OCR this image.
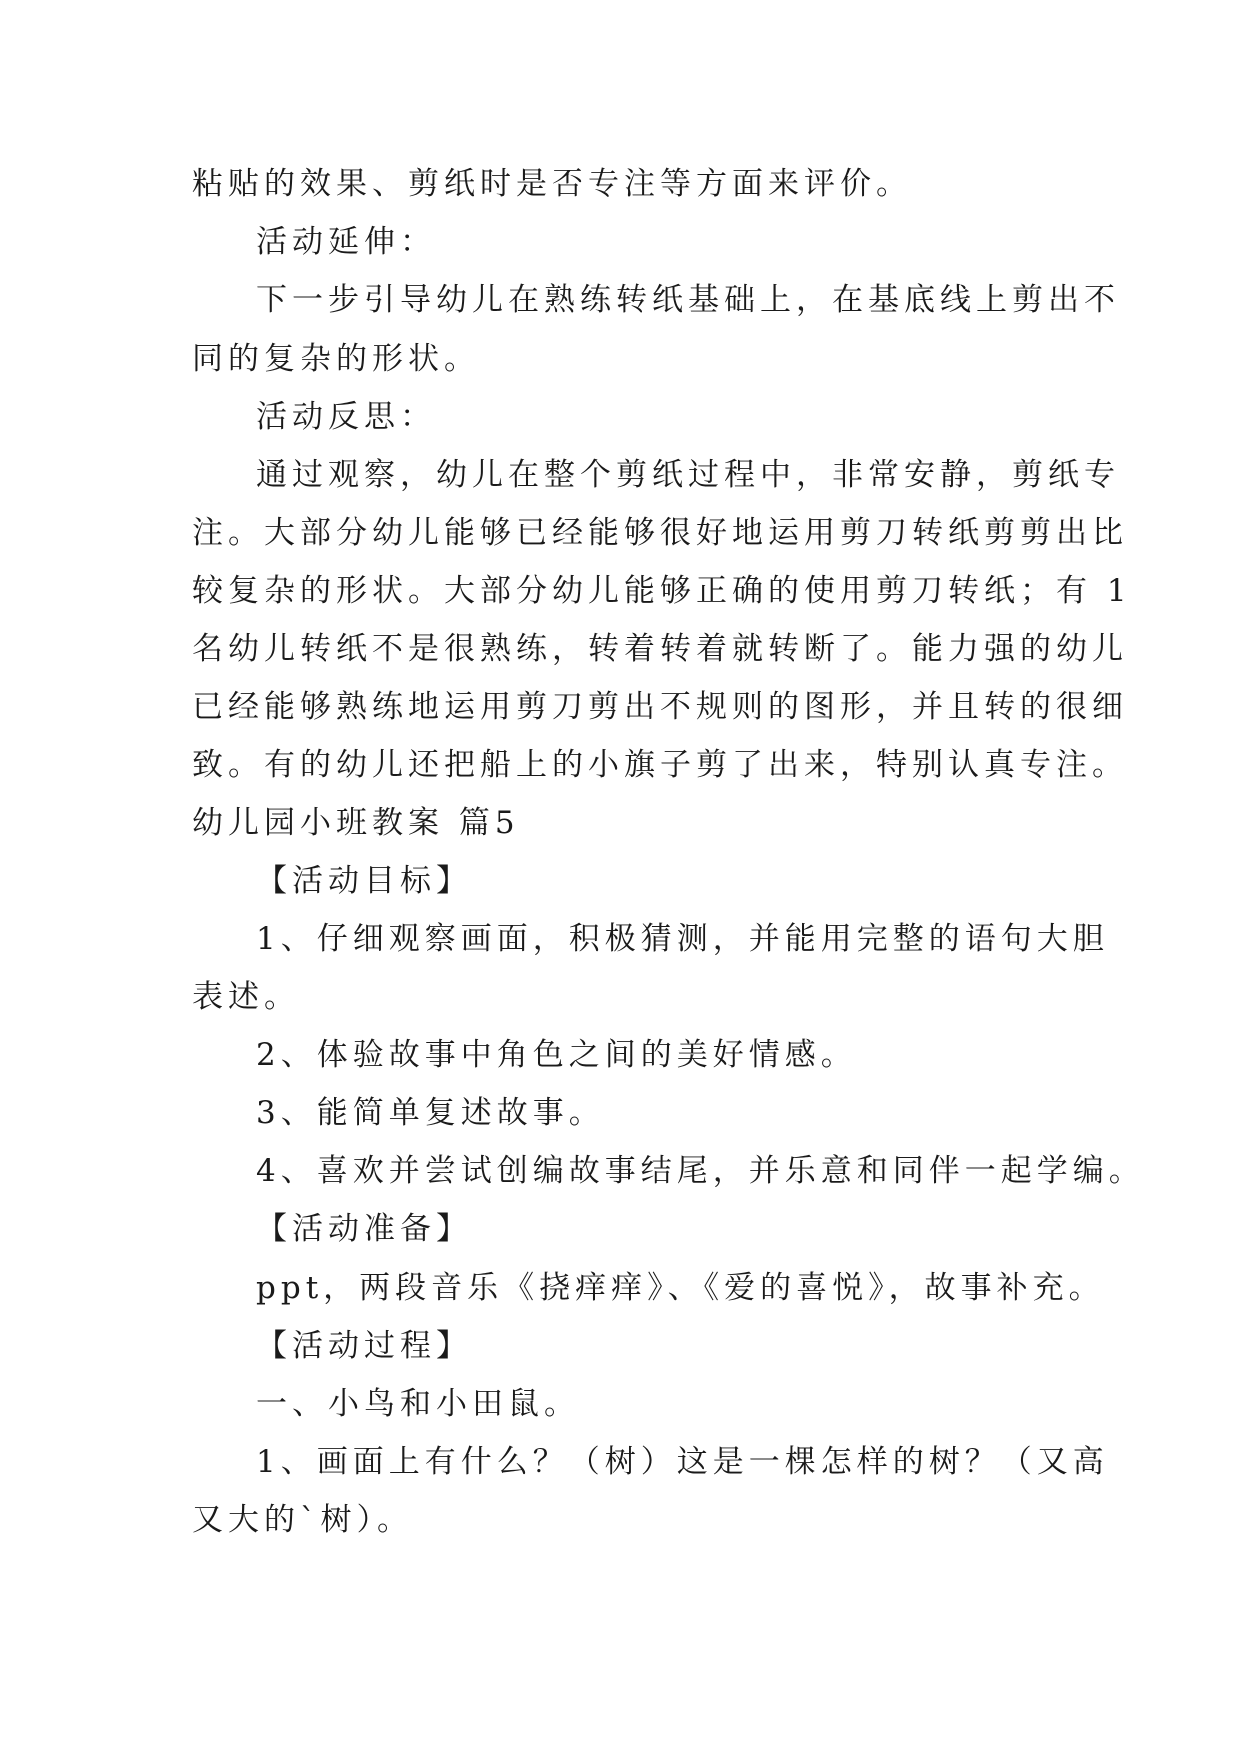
粘贴的效果、剪纸时是否专注等方面来评价。
活动延伸：
下一步引导幼儿在熟练转纸基础上，在基底线上剪出不
同的复杂的形状。
活动反思：
通过观察，幼儿在整个剪纸过程中，非常安静，剪纸专
注。大部分幼儿能够已经能够很好地运用剪刀转纸剪剪出比
较复杂的形状。大部分幼儿能够正确的使用剪刀转纸；有 1
名幼儿转纸不是很熟练，转着转着就转断了。能力强的幼儿
已经能够熟练地运用剪刀剪出不规则的图形，并且转的很细
致。有的幼儿还把船上的小旗子剪了出来，特别认真专注。
幼儿园小班教案 篇5
【活动目标】
1、仔细观察画面，积极猜测，并能用完整的语句大胆
表述。
2、体验故事中角色之间的美好情感。
3、能简单复述故事。
4、喜欢并尝试创编故事结尾，并乐意和同伴一起学编。
【活动准备】
ppt，两段音乐《挠痒痒》、《爱的喜悦》，故事补充。
【活动过程】
一、小鸟和小田鼠。
1、画面上有什么？（树）这是一棵怎样的树？（又高
又大的`树）。
